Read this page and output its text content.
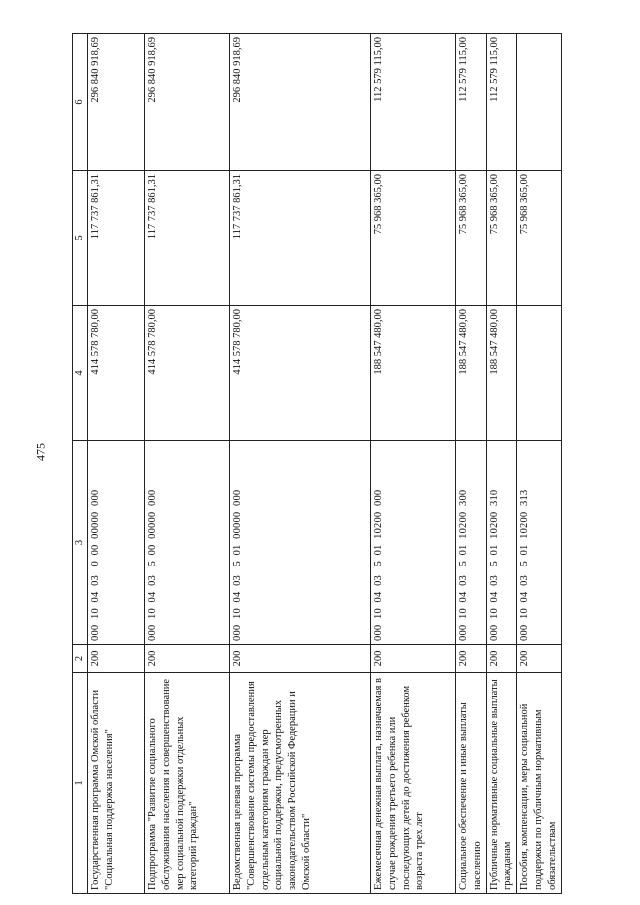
475
1	2	3	4	5	6
Государственная программа Омской области "Социальная поддержка населения"	200	000  10  04  03   0  00  00000  000	414 578 780,00	117 737 861,31	296 840 918,69
Подпрограмма "Развитие социального обслуживания населения и совершенствование мер социальной поддержки отдельных категорий граждан"	200	000  10  04  03   5  00  00000  000	414 578 780,00	117 737 861,31	296 840 918,69
Ведомственная целевая программа "Совершенствование системы предоставления отдельным категориям граждан мер социальной поддержки, предусмотренных законодательством Российской Федерации и Омской области"	200	000  10  04  03   5  01  00000  000	414 578 780,00	117 737 861,31	296 840 918,69
Ежемесячная денежная выплата, назначаемая в случае рождения третьего ребенка или последующих детей до достижения ребенком возраста трех лет	200	000  10  04  03   5  01  10200  000	188 547 480,00	75 968 365,00	112 579 115,00
Социальное обеспечение и иные выплаты населению	200	000  10  04  03   5  01  10200  300	188 547 480,00	75 968 365,00	112 579 115,00
Публичные нормативные социальные выплаты гражданам	200	000  10  04  03   5  01  10200  310	188 547 480,00	75 968 365,00	112 579 115,00
Пособия, компенсации, меры социальной поддержки по публичным нормативным обязательствам	200	000  10  04  03   5  01  10200  313		75 968 365,00	
